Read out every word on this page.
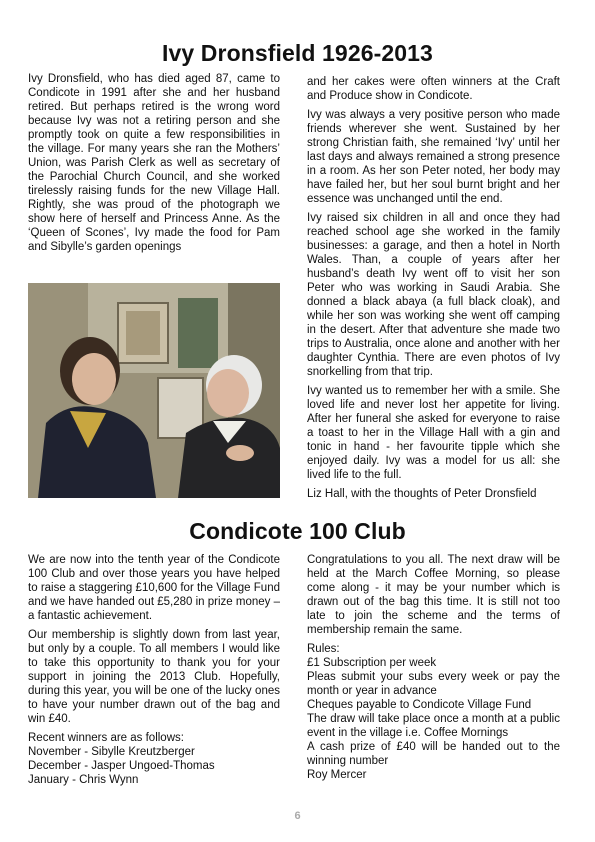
Ivy Dronsfield 1926-2013

Ivy Dronsfield, who has died aged 87, came to Condicote in 1991 after she and her husband retired. But perhaps retired is the wrong word because Ivy was not a retiring person and she promptly took on quite a few responsibilities in the village. For many years she ran the Mothers’ Union, was Parish Clerk as well as secretary of the Parochial Church Council, and she worked tirelessly raising funds for the new Village Hall. Rightly, she was proud of the photograph we show here of herself and Princess Anne. As the ‘Queen of Scones’, Ivy made the food for Pam and Sibylle’s garden openings

and her cakes were often winners at the Craft and Produce show in Condicote.

Ivy was always a very positive person who made friends wherever she went. Sustained by her strong Christian faith, she remained ‘Ivy’ until her last days and always remained a strong presence in a room. As her son Peter noted, her body may have failed her, but her soul burnt bright and her essence was unchanged until the end.

Ivy raised six children in all and once they had reached school age she worked in the family businesses: a garage, and then a hotel in North Wales. Than, a couple of years after her husband’s death Ivy went off to visit her son Peter who was working in Saudi Arabia. She donned a black abaya (a full black cloak), and while her son was working she went off camping in the desert. After that adventure she made two trips to Australia, once alone and another with her daughter Cynthia. There are even photos of Ivy snorkelling from that trip.

Ivy wanted us to remember her with a smile. She loved life and never lost her appetite for living. After her funeral she asked for everyone to raise a toast to her in the Village Hall with a gin and tonic in hand - her favourite tipple which she enjoyed daily. Ivy was a model for us all: she lived life to the full.

Liz Hall, with the thoughts of Peter Dronsfield

Condicote 100 Club

We are now into the tenth year of the Condicote 100 Club and over those years you have helped to raise a staggering £10,600 for the Village Fund and we have handed out £5,280 in prize money – a fantastic achievement.

Our membership is slightly down from last year, but only by a couple. To all members I would like to take this opportunity to thank you for your support in joining the 2013 Club. Hopefully, during this year, you will be one of the lucky ones to have your number drawn out of the bag and win £40.

Recent winners are as follows:
November - Sibylle Kreutzberger
December - Jasper Ungoed-Thomas
January - Chris Wynn

Congratulations to you all. The next draw will be held at the March Coffee Morning, so please come along - it may be your number which is drawn out of the bag this time. It is still not too late to join the scheme and the terms of membership remain the same.

Rules:
£1 Subscription per week
Pleas submit your subs every week or pay the month or year in advance
Cheques payable to Condicote Village Fund
The draw will take place once a month at a public event in the village i.e. Coffee Mornings
A cash prize of £40 will be handed out to the winning number
Roy Mercer
6
